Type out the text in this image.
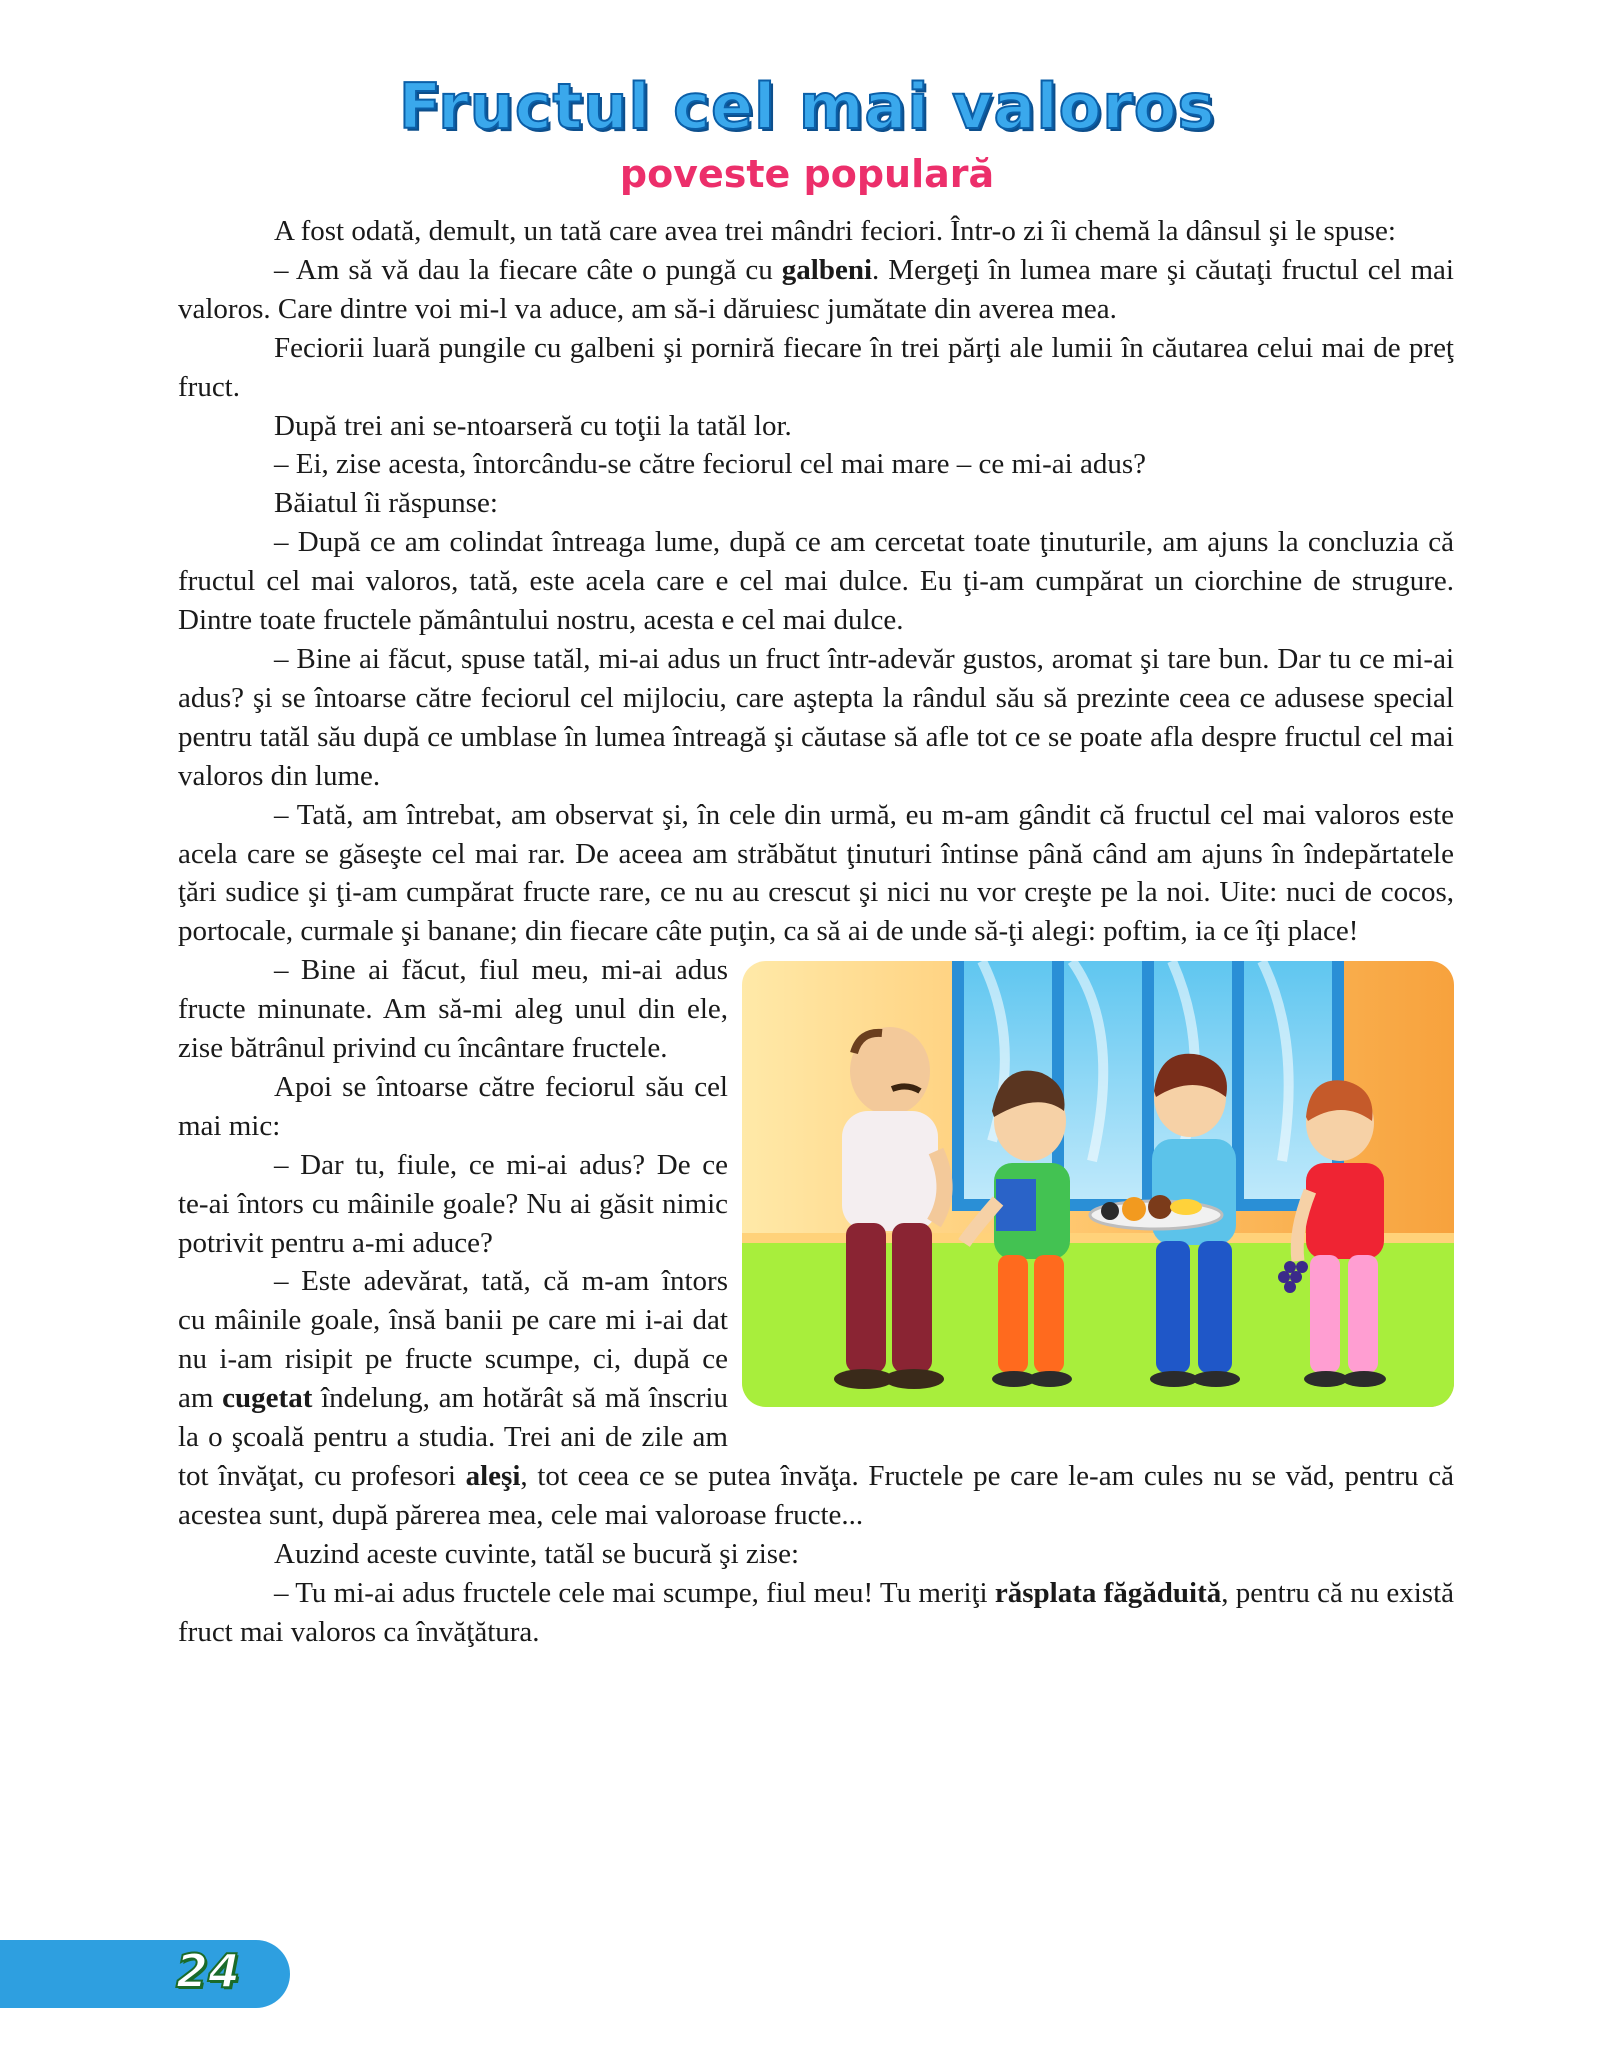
Fructul cel mai valoros
poveste populară

A fost odată, demult, un tată care avea trei mândri feciori. Într-o zi îi chemă la dânsul şi le spuse:

– Am să vă dau la fiecare câte o pungă cu galbeni. Mergeţi în lumea mare şi căutaţi fructul cel mai valoros. Care dintre voi mi-l va aduce, am să-i dăruiesc jumătate din averea mea.

Feciorii luară pungile cu galbeni şi porniră fiecare în trei părţi ale lumii în căutarea celui mai de preţ fruct.

După trei ani se-ntoarseră cu toţii la tatăl lor.

– Ei, zise acesta, întorcându-se către feciorul cel mai mare – ce mi-ai adus?

Băiatul îi răspunse:

– După ce am colindat întreaga lume, după ce am cercetat toate ţinuturile, am ajuns la concluzia că fructul cel mai valoros, tată, este acela care e cel mai dulce. Eu ţi-am cumpărat un ciorchine de strugure. Dintre toate fructele pământului nostru, acesta e cel mai dulce.

– Bine ai făcut, spuse tatăl, mi-ai adus un fruct într-adevăr gustos, aromat şi tare bun. Dar tu ce mi-ai adus? şi se întoarse către feciorul cel mijlociu, care aştepta la rândul său să prezinte ceea ce adusese special pentru tatăl său după ce umblase în lumea întreagă şi căutase să afle tot ce se poate afla despre fructul cel mai valoros din lume.

– Tată, am întrebat, am observat şi, în cele din urmă, eu m-am gândit că fructul cel mai valoros este acela care se găseşte cel mai rar. De aceea am străbătut ţinuturi întinse până când am ajuns în îndepărtatele ţări sudice şi ţi-am cumpărat fructe rare, ce nu au crescut şi nici nu vor creşte pe la noi. Uite: nuci de cocos, portocale, curmale şi banane; din fiecare câte puţin, ca să ai de unde să-ţi alegi: poftim, ia ce îţi place!

– Bine ai făcut, fiul meu, mi-ai adus fructe minunate. Am să-mi aleg unul din ele, zise bătrânul privind cu încântare fructele.

Apoi se întoarse către feciorul său cel mai mic:

– Dar tu, fiule, ce mi-ai adus? De ce te-ai întors cu mâinile goale? Nu ai găsit nimic potrivit pentru a-mi aduce?

– Este adevărat, tată, că m-am întors cu mâinile goale, însă banii pe care mi i-ai dat nu i-am risipit pe fructe scumpe, ci, după ce am cugetat îndelung, am hotărât să mă înscriu la o şcoală pentru a studia. Trei ani de zile am tot învăţat, cu profesori aleşi, tot ceea ce se putea învăţa. Fructele pe care le-am cules nu se văd, pentru că acestea sunt, după părerea mea, cele mai valoroase fructe...

Auzind aceste cuvinte, tatăl se bucură şi zise:

– Tu mi-ai adus fructele cele mai scumpe, fiul meu! Tu meriţi răsplata făgăduită, pentru că nu există fruct mai valoros ca învăţătura.

24
